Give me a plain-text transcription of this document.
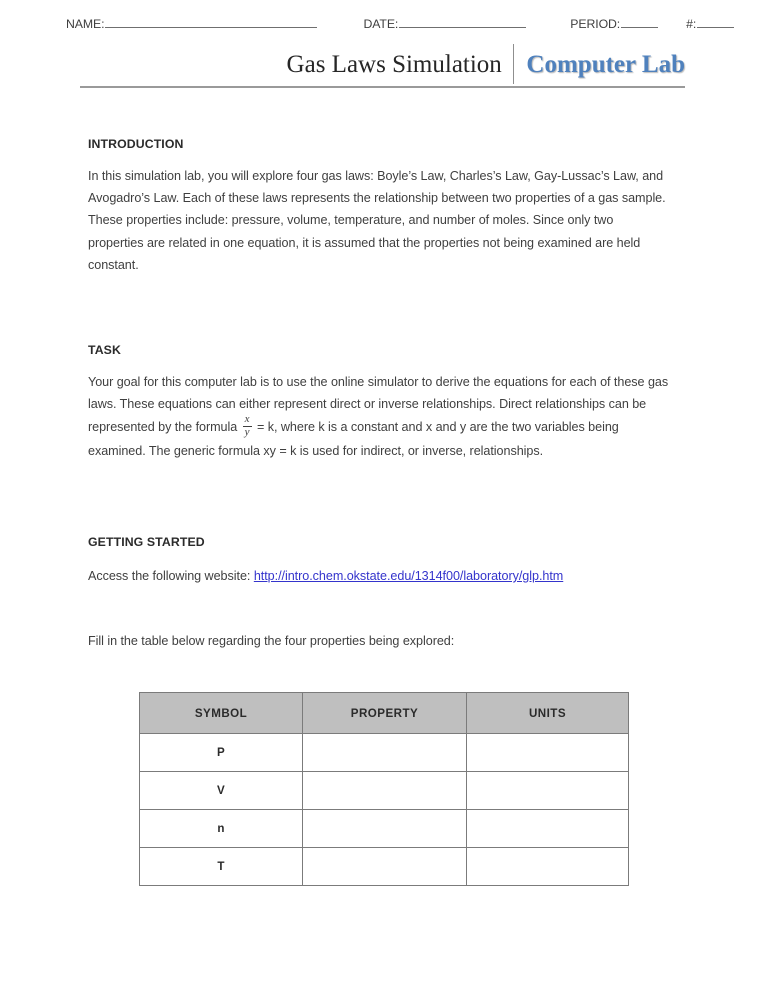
NAME:	DATE:	PERIOD:	#:
Gas Laws Simulation Computer Lab
INTRODUCTION
In this simulation lab, you will explore four gas laws: Boyle’s Law, Charles’s Law, Gay-Lussac’s Law, and Avogadro’s Law. Each of these laws represents the relationship between two properties of a gas sample. These properties include: pressure, volume, temperature, and number of moles. Since only two properties are related in one equation, it is assumed that the properties not being examined are held constant.
TASK
Your goal for this computer lab is to use the online simulator to derive the equations for each of these gas laws. These equations can either represent direct or inverse relationships. Direct relationships can be represented by the formula $\frac{x}{y} = k$, where k is a constant and x and y are the two variables being examined. The generic formula xy = k is used for indirect, or inverse, relationships.
GETTING STARTED
Access the following website: http://intro.chem.okstate.edu/1314f00/laboratory/glp.htm
Fill in the table below regarding the four properties being explored:
SYMBOL	PROPERTY	UNITS
P		
V		
n		
T		
